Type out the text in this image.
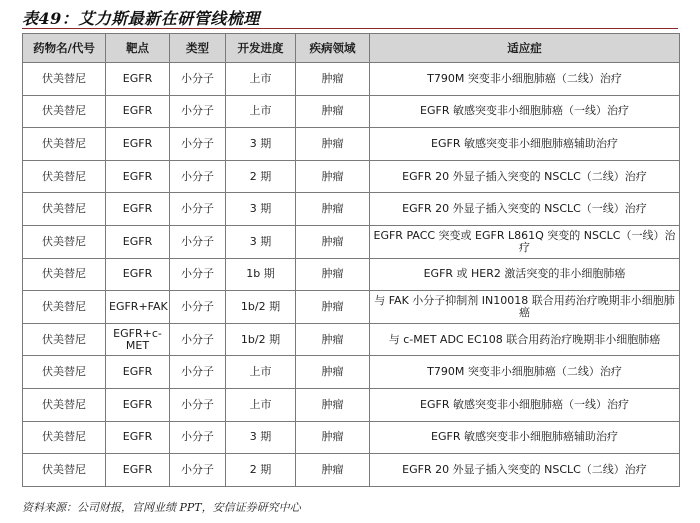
表49：艾力斯最新在研管线梳理
药物名/代号	靶点	类型	开发进度	疾病领域	适应症
伏美替尼	EGFR	小分子	上市	肿瘤	T790M 突变非小细胞肺癌（二线）治疗
伏美替尼	EGFR	小分子	上市	肿瘤	EGFR 敏感突变非小细胞肺癌（一线）治疗
伏美替尼	EGFR	小分子	3 期	肿瘤	EGFR 敏感突变非小细胞肺癌辅助治疗
伏美替尼	EGFR	小分子	2 期	肿瘤	EGFR 20 外显子插入突变的 NSCLC（二线）治疗
伏美替尼	EGFR	小分子	3 期	肿瘤	EGFR 20 外显子插入突变的 NSCLC（一线）治疗
伏美替尼	EGFR	小分子	3 期	肿瘤	EGFR PACC 突变或 EGFR L861Q 突变的 NSCLC（一线）治疗
伏美替尼	EGFR	小分子	1b 期	肿瘤	EGFR 或 HER2 激活突变的非小细胞肺癌
伏美替尼	EGFR+FAK	小分子	1b/2 期	肿瘤	与 FAK 小分子抑制剂 IN10018 联合用药治疗晚期非小细胞肺癌
伏美替尼	EGFR+c-MET	小分子	1b/2 期	肿瘤	与 c-MET ADC EC108 联合用药治疗晚期非小细胞肺癌
伏美替尼	EGFR	小分子	上市	肿瘤	T790M 突变非小细胞肺癌（二线）治疗
伏美替尼	EGFR	小分子	上市	肿瘤	EGFR 敏感突变非小细胞肺癌（一线）治疗
伏美替尼	EGFR	小分子	3 期	肿瘤	EGFR 敏感突变非小细胞肺癌辅助治疗
伏美替尼	EGFR	小分子	2 期	肿瘤	EGFR 20 外显子插入突变的 NSCLC（二线）治疗
资料来源：公司财报，官网业绩 PPT，安信证券研究中心
